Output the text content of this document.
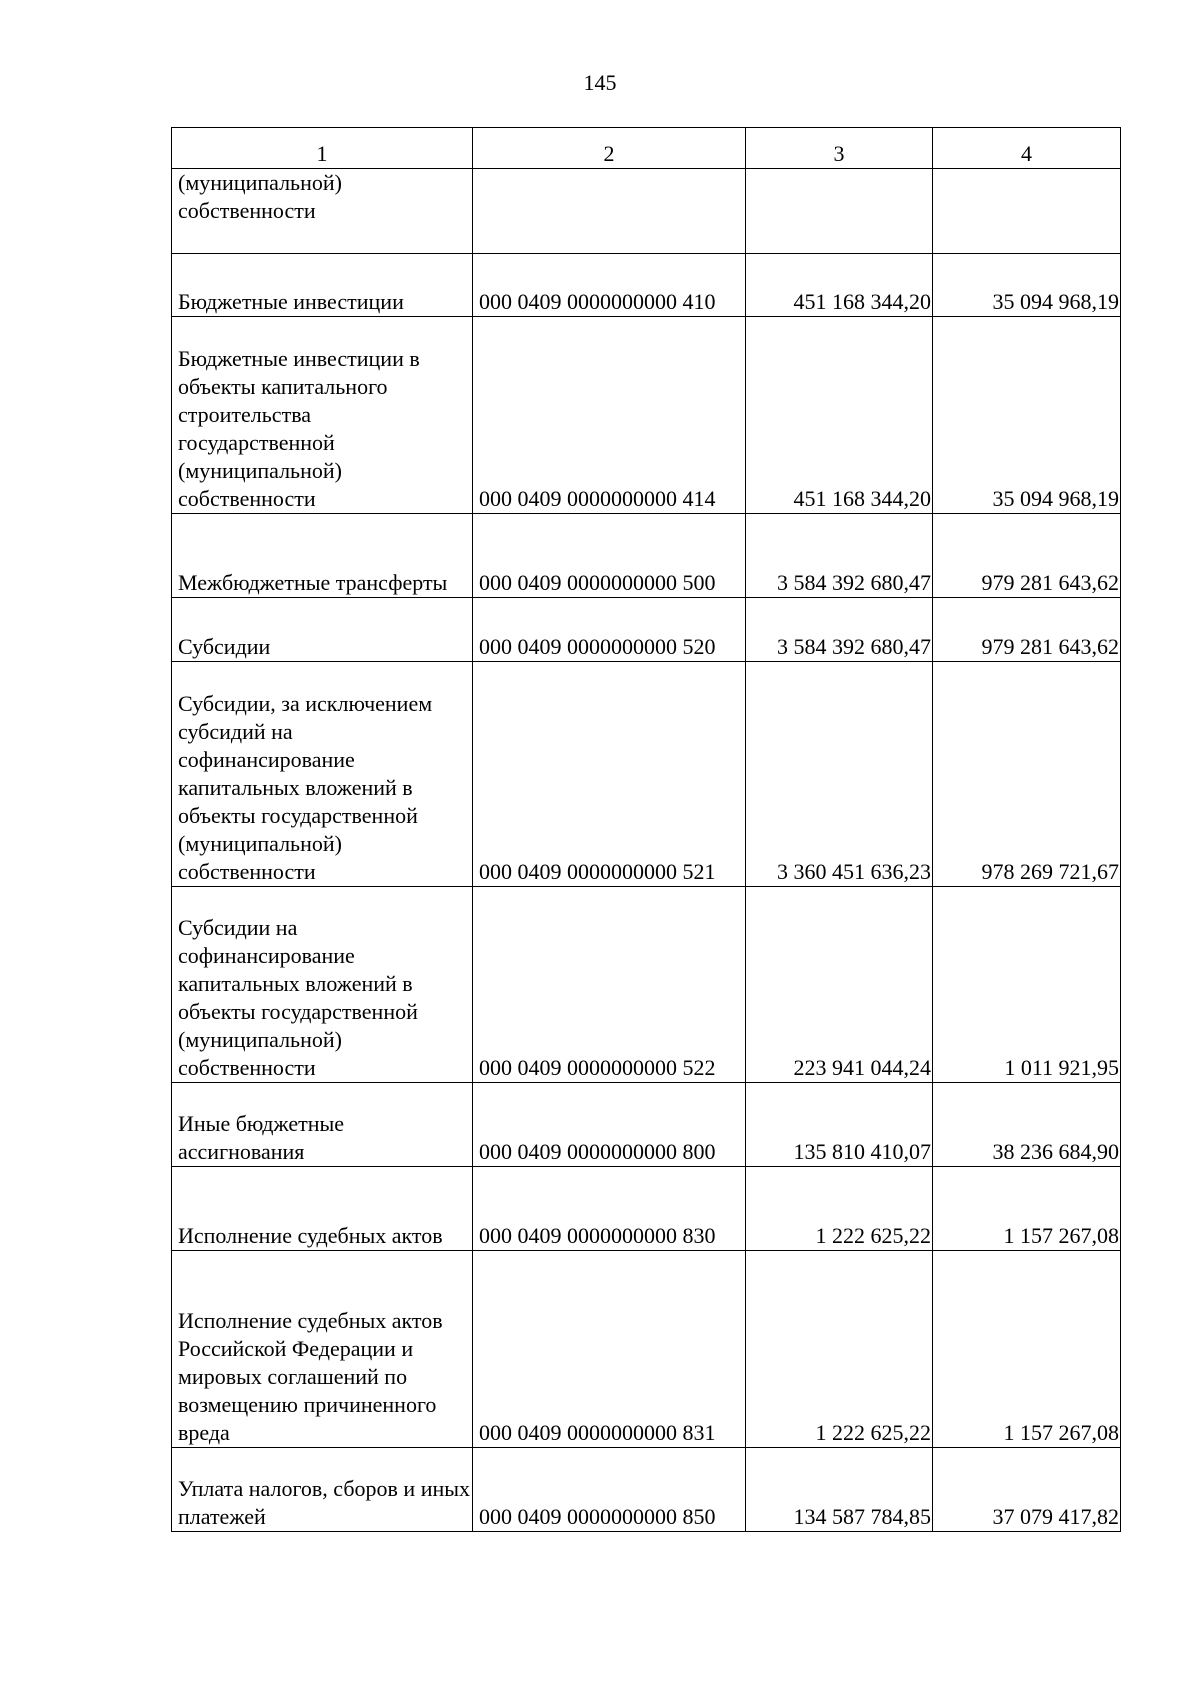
145
1	2	3	4
(муниципальной) собственности			
Бюджетные инвестиции	000 0409 0000000000 410	451 168 344,20	35 094 968,19
Бюджетные инвестиции в объекты капитального строительства государственной (муниципальной) собственности	000 0409 0000000000 414	451 168 344,20	35 094 968,19
Межбюджетные трансферты	000 0409 0000000000 500	3 584 392 680,47	979 281 643,62
Субсидии	000 0409 0000000000 520	3 584 392 680,47	979 281 643,62
Субсидии, за исключением субсидий на софинансирование капитальных вложений в объекты государственной (муниципальной) собственности	000 0409 0000000000 521	3 360 451 636,23	978 269 721,67
Субсидии на софинансирование капитальных вложений в объекты государственной (муниципальной) собственности	000 0409 0000000000 522	223 941 044,24	1 011 921,95
Иные бюджетные ассигнования	000 0409 0000000000 800	135 810 410,07	38 236 684,90
Исполнение судебных актов	000 0409 0000000000 830	1 222 625,22	1 157 267,08
Исполнение судебных актов Российской Федерации и мировых соглашений по возмещению причиненного вреда	000 0409 0000000000 831	1 222 625,22	1 157 267,08
Уплата налогов, сборов и иных платежей	000 0409 0000000000 850	134 587 784,85	37 079 417,82
